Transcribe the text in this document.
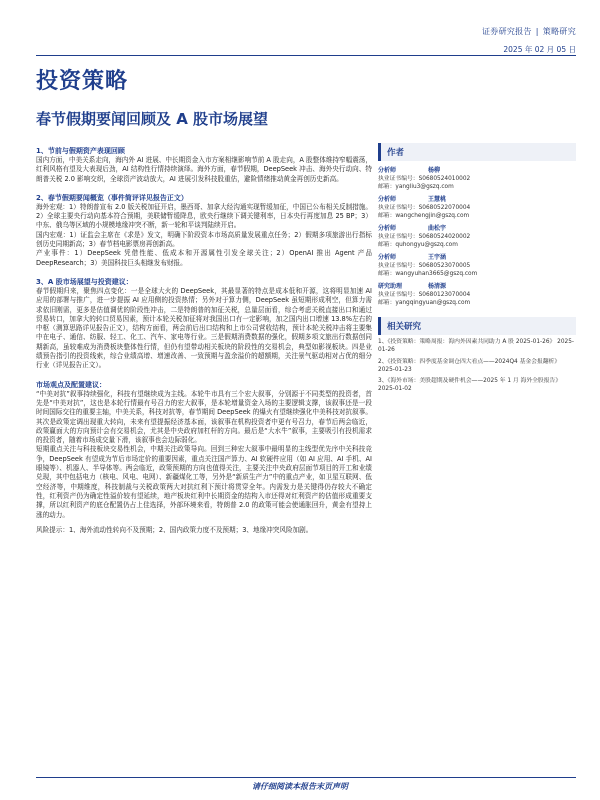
证券研究报告 | 策略研究
2025 年 02 月 05 日
投资策略
春节假期要闻回顾及 A 股市场展望
1、节前与假期资产表现回顾
国内方面，中美关系走向，海内外 AI 进展、中长期资金入市方案相继影响节前 A 股走向，A 股整体维持窄幅震荡，红利风格有望及大表现后劲，AI 结构性行情持续演绎。海外方面，春节假期，DeepSeek 冲击、海外央行动向、特朗普关税 2.0 影响交织，全球资产波动放大，AI 进展引发科技股重估，避险情绪推动黄金再创历史新高。
2、春节假期要闻概览（事件简评详见报告正文）
海外宏观：1）特朗普宣布 2.0 版关税加征开启，墨西哥、加拿大经沟通实现暂缓加征，中国已公布相关反制措施。2）全球主要央行动向基本符合预期，美联储暂缓降息，欧央行继续下调关键利率，日本央行再度加息 25 BP；3）中东、俄乌等区域的小规模地缘冲突不断，新一轮和平谈判陆续开启。
国内宏观：1）证监会主席在《求是》发文，明确下阶段资本市场高质量发展重点任务；2）假期多项旅游出行指标创历史同期新高；3）春节档电影票房再创新高。
产业事件：1）DeepSeek 凭借性能、低成本和开源属性引发全球关注；2）OpenAI 推出 Agent 产品 DeepResearch；3）美国科技巨头相继发布财报。
3、A 股市场展望与投资建议：
春节假期归来，聚焦四点变化：一是全球大火的 DeepSeek，其最显著的特点是成本低和开源，这将明显加速 AI 应用的部署与推广，进一步提振 AI 应用侧的投资热情；另外对于算力侧，DeepSeek 虽短期形成利空，但算力需求依旧刚需，更多是估值调优的阶段性冲击，二是特朗普的加征关税，总量层面看，综合考虑关税直接出口和通过贸易转口，加拿大的转口贸易因素，预计本轮关税加征将对我国出口有一定影响，加之国内出口增速 13.8%左右的中枢（测算思路详见报告正文），结构方面看，两会前后出口结构和上市公司营收结构，预计本轮关税冲击将主要集中在电子、通信、纺服、轻工、化工、汽车、家电等行业。三是假期消费数据的强化，假期多项文旅出行数据创同期新高，虽较难成为消费板块整体性行情，但仍有望带动相关板块的阶段性的交易机会，典型如影视板块。四是业绩预告指引的投资线索，综合业绩高增、增速改善、一致预期与盈余溢价的超额期，关注景气驱动相对占优的细分行业（详见报告正文）。
市场观点及配置建议：
“中美对抗”叙事持续强化，科技有望继续成为主线。本轮牛市具有三个宏大叙事，分别源于不同类型的投资者，首先是“中美对抗”，这也是本轮行情最有号召力的宏大叙事，是本轮增量资金入场的主要逻辑支撑，该叙事还是一段时间国际交往的重要主轴，中美关系，科技对抗等，春节期间 DeepSeek 的爆火有望继续强化中美科技对抗叙事。其次是政策定调出现重大转向，未来有望提振经济基本面，该叙事在机构投资者中更有号召力，春节后两会临近，政策赢面大的方向预计会有交易机会，尤其是中央政府加杠杆的方向。最后是“大水牛”叙事，主要吸引有投机需求的投资者，随着市场成交量下滑，该叙事也会边际弱化。
短期重点关注与科技板块交易性机会，中期关注政策导向。回到三种宏大叙事中最明显的主线型优先序中关科技竞争，DeepSeek 有望成为节后市场定价的重要因素，重点关注国产算力、AI 软硬件应用（如 AI 应用、AI 手机、AI 眼镜等）、机器人、半导体等。两会临近，政策预期的方向也值得关注，主要关注中央政府层面节项目的开工和业绩兑现，其中包括电力（核电、风电、电网）、新疆煤化工等，另外是“新质生产力”中的重点产业，如卫星互联网、低空经济等，中期维度，科技制裁与关税政策两大对抗红利下预计将贯穿全年。内需发力是关键得仍存较大不确定性，红利资产仍为确定性溢价较有望延续，地产板块红利中长期资金的结构入市还得对红利资产的估值形成重要支撑，所以红利资产的底仓配置仍占上佳选择，外部环境来看，特朗普 2.0 的政策可能会使通胀回升，黄金有望持上涨的动力。
风险提示：1、海外流动性转向不及预期；2、国内政策力度不及预期；3、地缘冲突风险加剧。
作者
分析师	杨柳
执业证书编号：S0680524010002
邮箱：yangliu3@gszq.com
分析师	王慧桃
执业证书编号：S0680522070004
邮箱：wangchengjin@gszq.com
分析师	曲松宇
执业证书编号：S0680524020002
邮箱：quhongyu@gszq.com
分析师	王宇涵
执业证书编号：S0680523070005
邮箱：wangyuhan3665@gszq.com
研究助理	杨清源
执业证书编号：S0680123070004
邮箱：yangqingyuan@gszq.com
相关研究
1、《投资策略：策略周报：海内外因素共同助力 A 股 2025-01-26》 2025-01-26
2、《投资策略：四季度基金调仓四大看点——2024Q4 基金会报翻析》 2025-01-23
3、《海外市场：美股超期及硬件机会——2025 年 1 月 海外全股报告》 2025-01-02
请仔细阅读本报告末页声明
